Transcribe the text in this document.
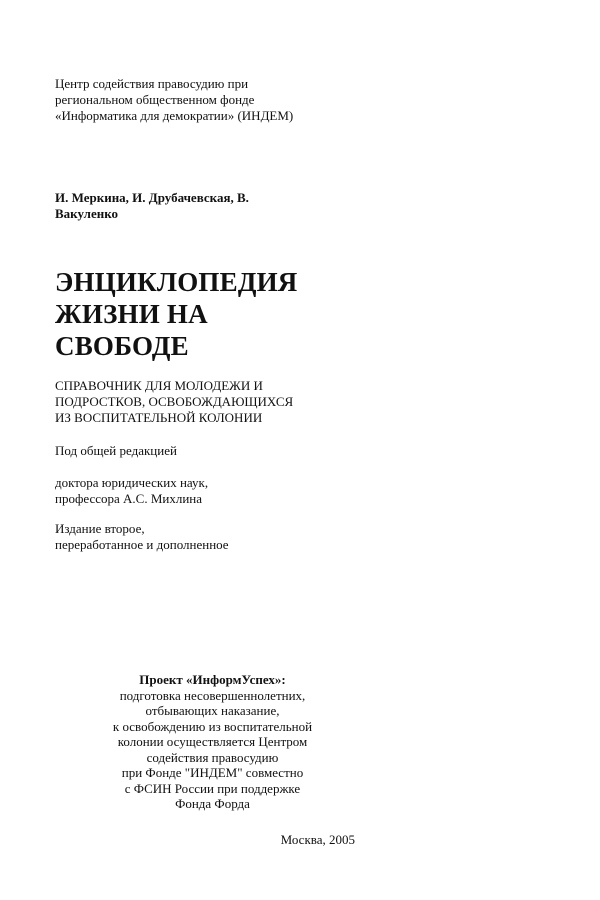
Центр содействия правосудию при
региональном общественном фонде
«Информатика для демократии» (ИНДЕМ)
И. Меркина, И. Друбачевская, В.
Вакуленко
ЭНЦИКЛОПЕДИЯ
ЖИЗНИ НА
СВОБОДЕ
СПРАВОЧНИК ДЛЯ МОЛОДЕЖИ И
ПОДРОСТКОВ, ОСВОБОЖДАЮЩИХСЯ
ИЗ ВОСПИТАТЕЛЬНОЙ КОЛОНИИ
Под общей редакцией
доктора юридических наук,
профессора А.С. Михлина
Издание второе,
переработанное и дополненное
Проект «ИнформУспех»:
подготовка несовершеннолетних,
отбывающих наказание,
к освобождению из воспитательной
колонии осуществляется Центром
содействия правосудию
при Фонде "ИНДЕМ" совместно
с ФСИН России при поддержке
Фонда Форда
Москва, 2005
